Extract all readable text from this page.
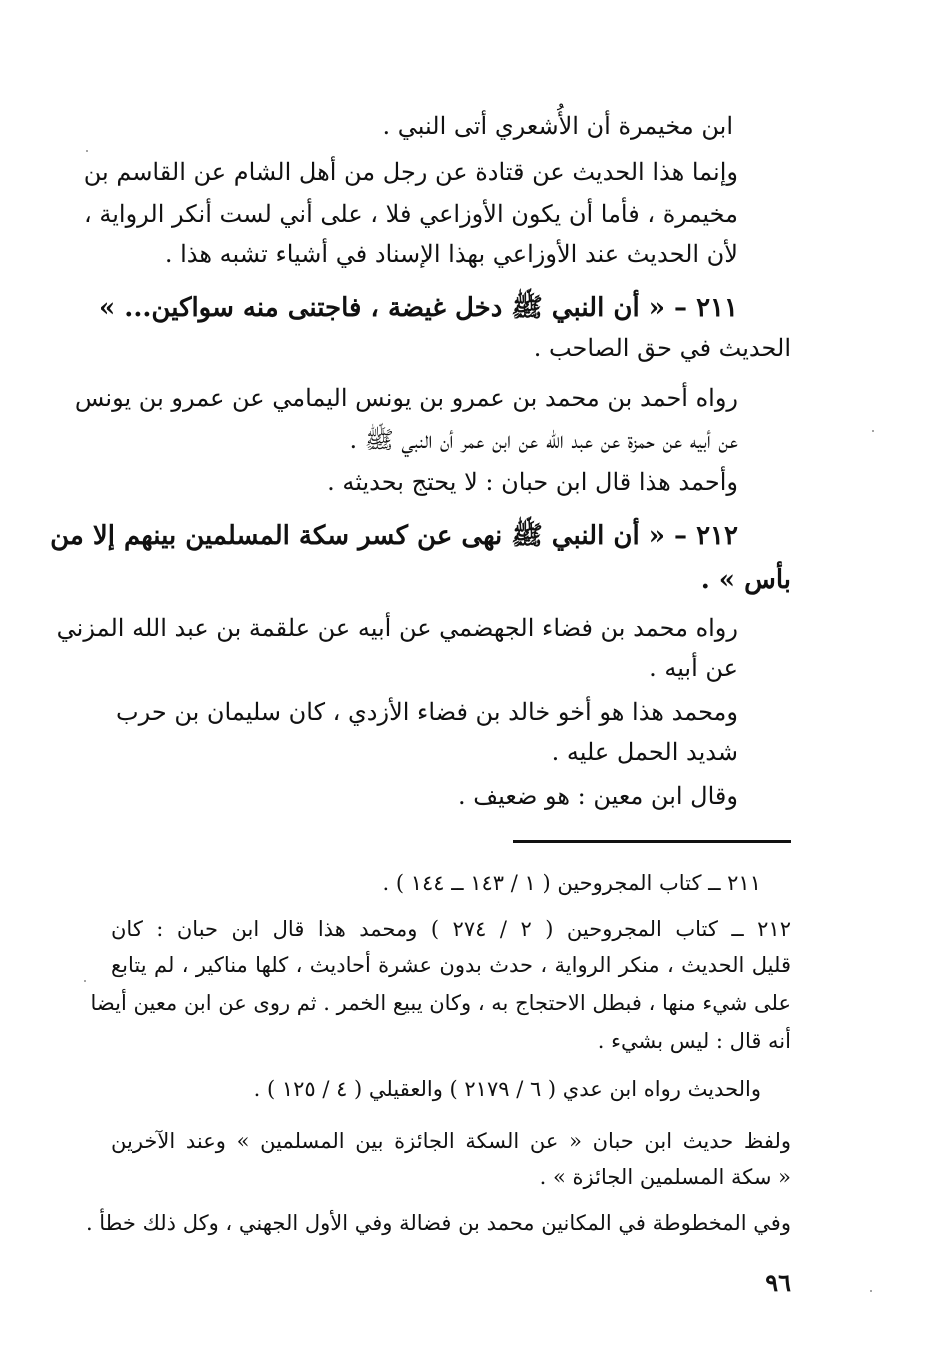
ابن مخيمرة أن الأُشعري أتى النبي .
وإنما هذا الحديث عن قتادة عن رجل من أهل الشام عن القاسم بن
مخيمرة ، فأما أن يكون الأوزاعي فلا ، على أني لست أنكر الرواية ،
لأن الحديث عند الأوزاعي بهذا الإسناد في أشياء تشبه هذا .
٢١١ – « أن النبي ﷺ دخل غيضة ، فاجتنى منه سواكين... »
الحديث في حق الصاحب .
رواه أحمد بن محمد بن عمرو بن يونس اليمامي عن عمرو بن يونس
عن أبيه عن حمزة عن عبد الله عن ابن عمر أن النبي ﷺ .
وأحمد هذا قال ابن حبان : لا يحتج بحديثه .
٢١٢ – « أن النبي ﷺ نهى عن كسر سكة المسلمين بينهم إلا من
بأس » .
رواه محمد بن فضاء الجهضمي عن أبيه عن علقمة بن عبد الله المزني
عن أبيه .
ومحمد هذا هو أخو خالد بن فضاء الأزدي ، كان سليمان بن حرب
شديد الحمل عليه .
وقال ابن معين : هو ضعيف .
٢١١ ــ كتاب المجروحين ( ١ / ١٤٣ ــ ١٤٤ ) .
٢١٢ ــ كتاب المجروحين ( ٢ / ٢٧٤ ) ومحمد هذا قال ابن حبان : كان
قليل الحديث ، منكر الرواية ، حدث بدون عشرة أحاديث ، كلها مناكير ، لم يتابع
على شيء منها ، فبطل الاحتجاج به ، وكان يبيع الخمر . ثم روى عن ابن معين أيضا
أنه قال : ليس بشيء .
والحديث رواه ابن عدي ( ٦ / ٢١٧٩ ) والعقيلي ( ٤ / ١٢٥ ) .
ولفظ حديث ابن حبان « عن السكة الجائزة بين المسلمين » وعند الآخرين
« سكة المسلمين الجائزة » .
وفي المخطوطة في المكانين محمد بن فضالة وفي الأول الجهني ، وكل ذلك خطأ .
٩٦
